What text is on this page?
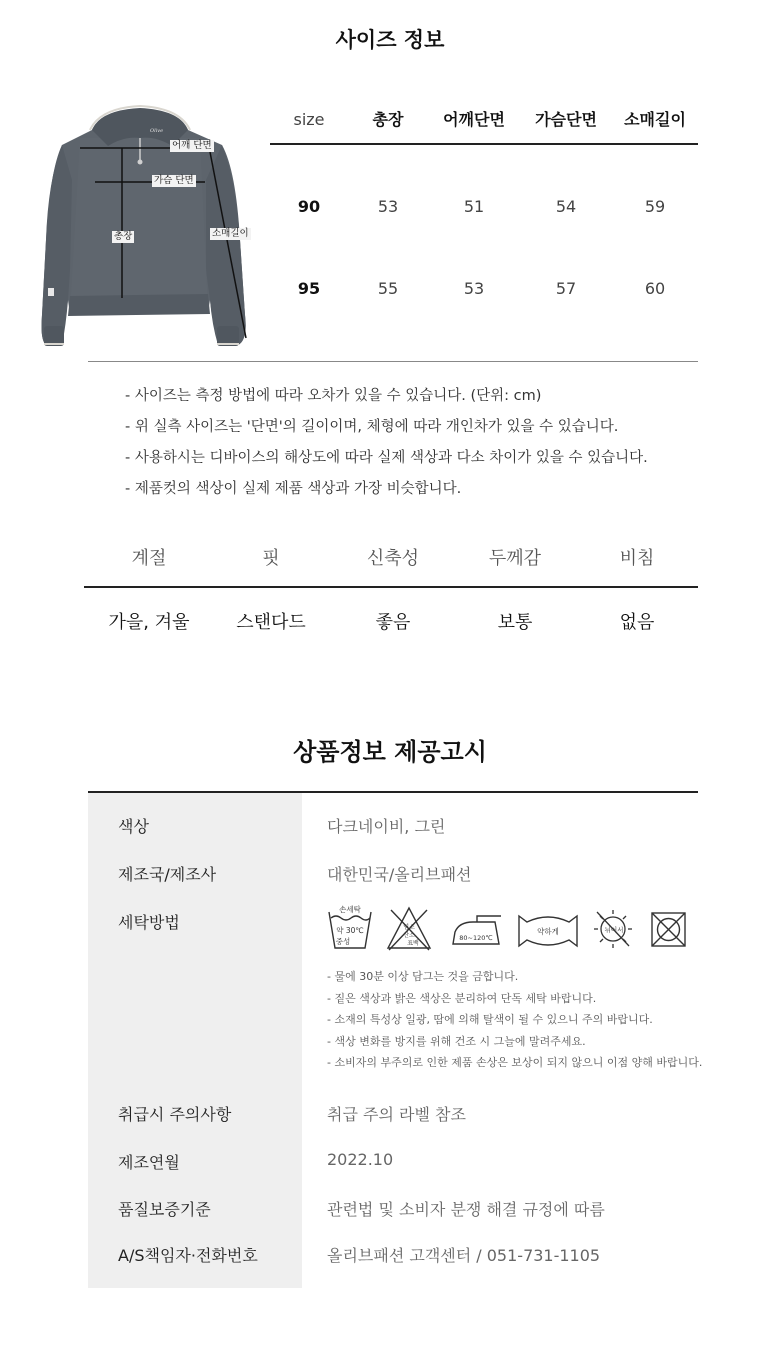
사이즈 정보
Olive
어깨 단면
가슴 단면
총장	소매길이
size	총장	어깨단면	가슴단면	소매길이
90	53	51	54	59
95	55	53	57	60
- 사이즈는 측정 방법에 따라 오차가 있을 수 있습니다. (단위: cm)
- 위 실측 사이즈는 '단면'의 길이이며, 체형에 따라 개인차가 있을 수 있습니다.
- 사용하시는 디바이스의 해상도에 따라 실제 색상과 다소 차이가 있을 수 있습니다.
- 제품컷의 색상이 실제 제품 색상과 가장 비슷합니다.
계절	핏	신축성	두께감	비침
가을, 겨울	스탠다드	좋음	보통	없음
상품정보 제공고시
색상	다크네이비, 그린
제조국/제조사	대한민국/올리브패션
세탁방법
손세탁
약 30℃
중성
염소
산소
표백
80~120℃
약하게	뉘어서
- 물에 30분 이상 담그는 것을 금합니다.
- 짙은 색상과 밝은 색상은 분리하여 단독 세탁 바랍니다.
- 소재의 특성상 일광, 땀에 의해 탈색이 될 수 있으니 주의 바랍니다.
- 색상 변화를 방지를 위해 건조 시 그늘에 말려주세요.
- 소비자의 부주의로 인한 제품 손상은 보상이 되지 않으니 이점 양해 바랍니다.
취급시 주의사항	취급 주의 라벨 참조
제조연월	2022.10
품질보증기준	관련법 및 소비자 분쟁 해결 규정에 따름
A/S책임자·전화번호	올리브패션 고객센터 / 051-731-1105
